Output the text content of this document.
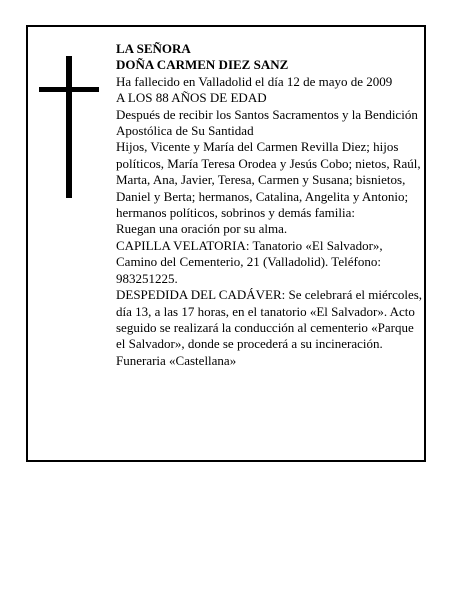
LA SEÑORA

DOÑA CARMEN DIEZ SANZ

Ha fallecido en Valladolid el día 12 de mayo de 2009

A LOS 88 AÑOS DE EDAD

Después de recibir los Santos Sacramentos y la Bendición Apostólica de Su Santidad

Hijos, Vicente y María del Carmen Revilla Diez; hijos políticos, María Teresa Orodea y Jesús Cobo; nietos, Raúl, Marta, Ana, Javier, Teresa, Carmen y Susana; bisnietos, Daniel y Berta; hermanos, Catalina, Angelita y Antonio; hermanos políticos, sobrinos y demás familia:

Ruegan una oración por su alma.

CAPILLA VELATORIA: Tanatorio «El Salvador», Camino del Cementerio, 21 (Valladolid). Teléfono: 983251225.

DESPEDIDA DEL CADÁVER: Se celebrará el miércoles, día 13, a las 17 horas, en el tanatorio «El Salvador». Acto seguido se realizará la conducción al cementerio «Parque el Salvador», donde se procederá a su incineración.

Funeraria «Castellana»
